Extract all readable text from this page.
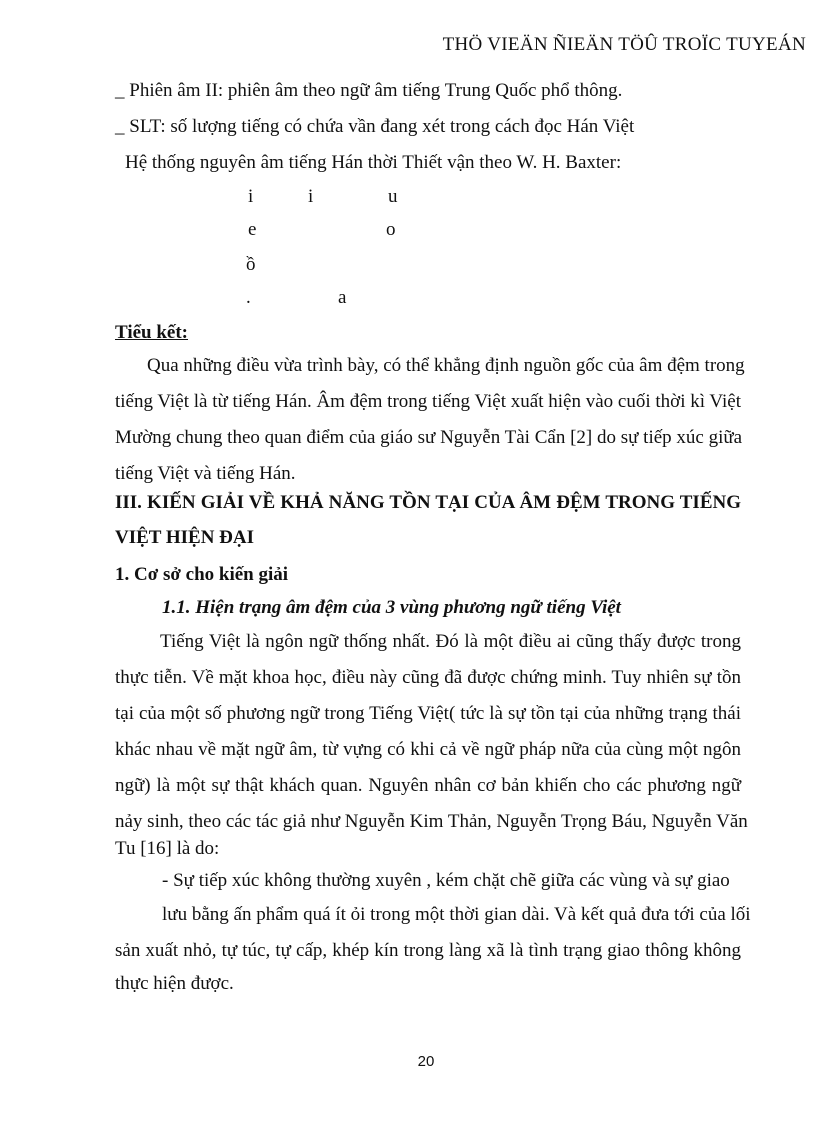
THÖ VIEÄN ÑIEÄN TÖÛ TROÏC TUYEÁN
_ Phiên âm II: phiên âm theo ngữ âm tiếng Trung Quốc phổ thông.
_ SLT: số lượng tiếng có chứa vần đang xét trong cách đọc Hán Việt
Hệ thống nguyên âm tiếng Hán thời Thiết vận theo W. H. Baxter:
i	i	u
e	o
ồ
.	a
Tiểu kết:
Qua những điều vừa trình bày, có thể khẳng định nguồn gốc của âm đệm trong
tiếng Việt là từ tiếng Hán. Âm đệm trong tiếng Việt xuất hiện vào cuối thời kì Việt
Mường chung theo quan điểm của giáo sư Nguyễn Tài Cẩn [2] do sự tiếp xúc giữa
tiếng Việt và tiếng Hán.
III. KIẾN GIẢI VỀ KHẢ NĂNG TỒN TẠI CỦA ÂM ĐỆM TRONG TIẾNG
VIỆT HIỆN ĐẠI
1. Cơ sở cho kiến giải
1.1. Hiện trạng âm đệm của 3 vùng phương ngữ tiếng Việt
Tiếng Việt là ngôn ngữ thống nhất. Đó là một điều ai cũng thấy được trong
thực tiễn. Về mặt khoa học, điều này cũng đã được chứng minh. Tuy nhiên sự tồn
tại của một số phương ngữ trong Tiếng Việt( tức là sự tồn tại của những trạng thái
khác nhau về mặt ngữ âm, từ vựng có khi cả về ngữ pháp nữa của cùng một ngôn
ngữ) là một sự thật khách quan. Nguyên nhân cơ bản khiến cho các phương ngữ
nảy sinh, theo các tác giả như Nguyễn Kim Thản, Nguyễn Trọng Báu, Nguyễn Văn
Tu [16] là do:
- Sự tiếp xúc không thường xuyên , kém chặt chẽ giữa các vùng và sự giao
lưu bằng ấn phẩm quá ít ỏi trong một thời gian dài. Và kết quả đưa tới của lối
sản xuất nhỏ, tự túc, tự cấp, khép kín trong làng xã là tình trạng giao thông không
thực hiện được.
20
